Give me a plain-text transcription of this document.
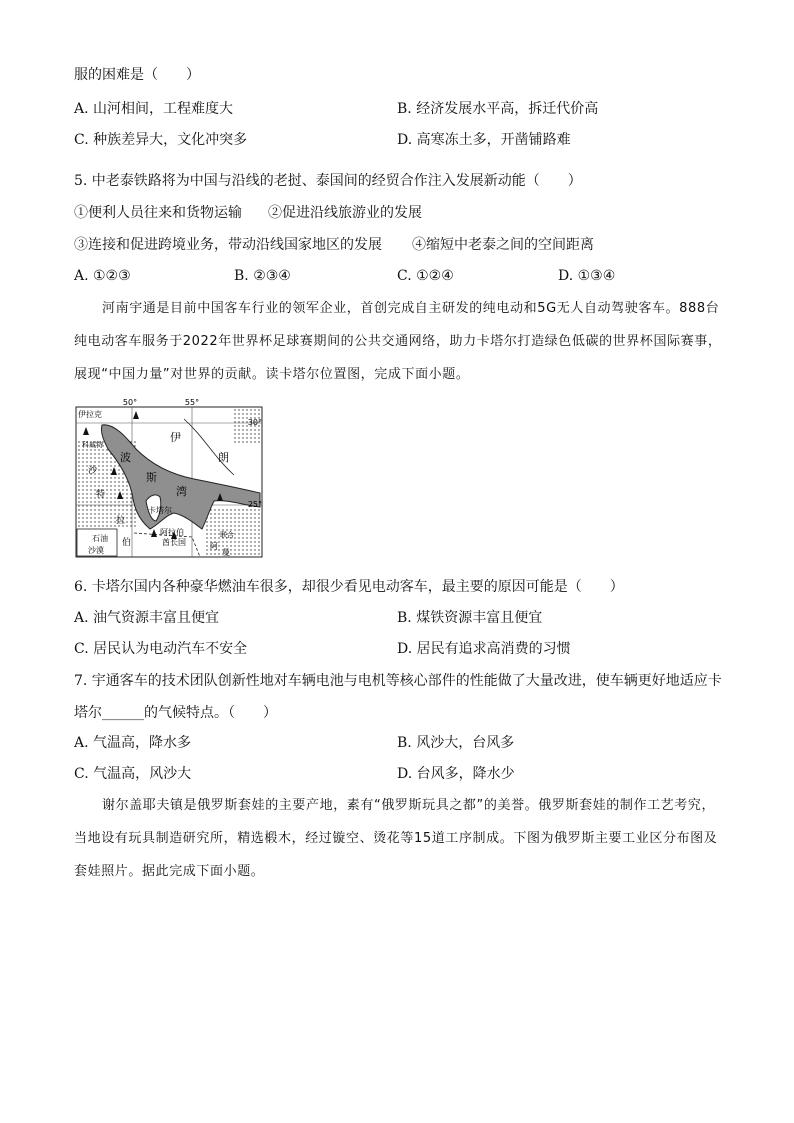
服的困难是（　　）
A. 山河相间，工程难度大	B. 经济发展水平高，拆迁代价高
C. 种族差异大，文化冲突多	D. 高寒冻土多，开凿铺路难
5. 中老泰铁路将为中国与沿线的老挝、泰国间的经贸合作注入发展新动能（　　）
①便利人员往来和货物运输 ②促进沿线旅游业的发展
③连接和促进跨境业务，带动沿线国家地区的发展 ④缩短中老泰之间的空间距离
A. ①②③	B. ②③④	C. ①②④	D. ①③④
河南宇通是目前中国客车行业的领军企业，首创完成自主研发的纯电动和5G无人自动驾驶客车。888台纯电动客车服务于2022年世界杯足球赛期间的公共交通网络，助力卡塔尔打造绿色低碳的世界杯国际赛事，展现“中国力量”对世界的贡献。读卡塔尔位置图，完成下面小题。
50°	55°
30°
25°
伊拉克
科威特
伊
朗
波
斯
湾
卡塔尔
沙
特
拉
伯
阿拉伯	联合
酋长国	阿
曼
石油
沙漠
6. 卡塔尔国内各种豪华燃油车很多，却很少看见电动客车，最主要的原因可能是（　　）
A. 油气资源丰富且便宜	B. 煤铁资源丰富且便宜
C. 居民认为电动汽车不安全	D. 居民有追求高消费的习惯
7. 宇通客车的技术团队创新性地对车辆电池与电机等核心部件的性能做了大量改进，使车辆更好地适应卡
塔尔______的气候特点。（　　）
A. 气温高，降水多	B. 风沙大，台风多
C. 气温高，风沙大	D. 台风多，降水少
谢尔盖耶夫镇是俄罗斯套娃的主要产地，素有“俄罗斯玩具之都”的美誉。俄罗斯套娃的制作工艺考究，当地设有玩具制造研究所，精选椴木，经过镟空、烫花等15道工序制成。下图为俄罗斯主要工业区分布图及套娃照片。据此完成下面小题。
